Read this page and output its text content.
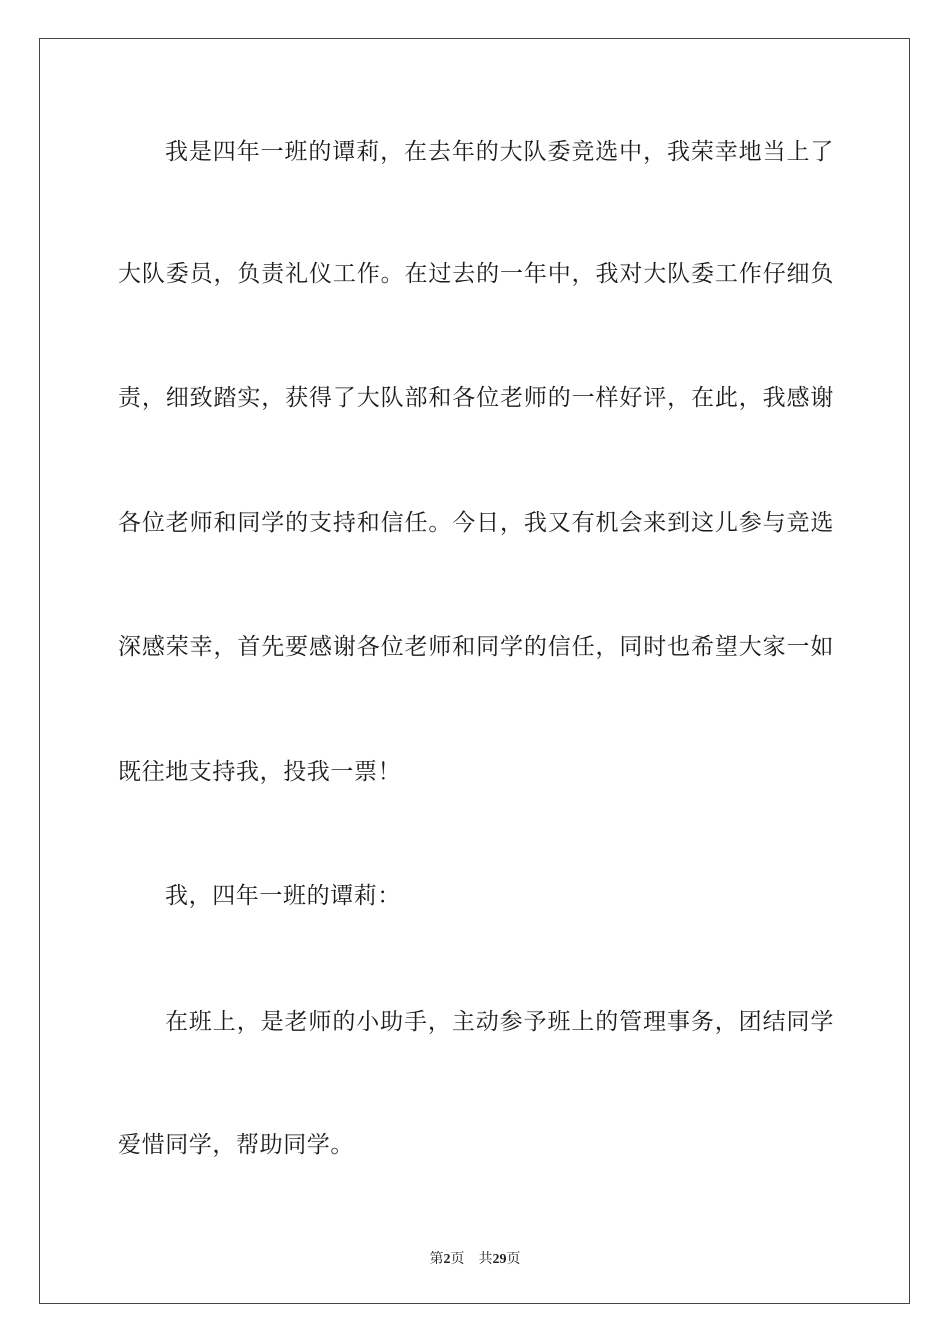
我是四年一班的谭莉，在去年的大队委竞选中，我荣幸地当上了
大队委员，负责礼仪工作。在过去的一年中，我对大队委工作仔细负
责，细致踏实，获得了大队部和各位老师的一样好评，在此，我感谢
各位老师和同学的支持和信任。今日，我又有机会来到这儿参与竞选
深感荣幸，首先要感谢各位老师和同学的信任，同时也希望大家一如
既往地支持我，投我一票！
我，四年一班的谭莉：
在班上，是老师的小助手，主动参予班上的管理事务，团结同学
爱惜同学，帮助同学。
第2页 共29页
